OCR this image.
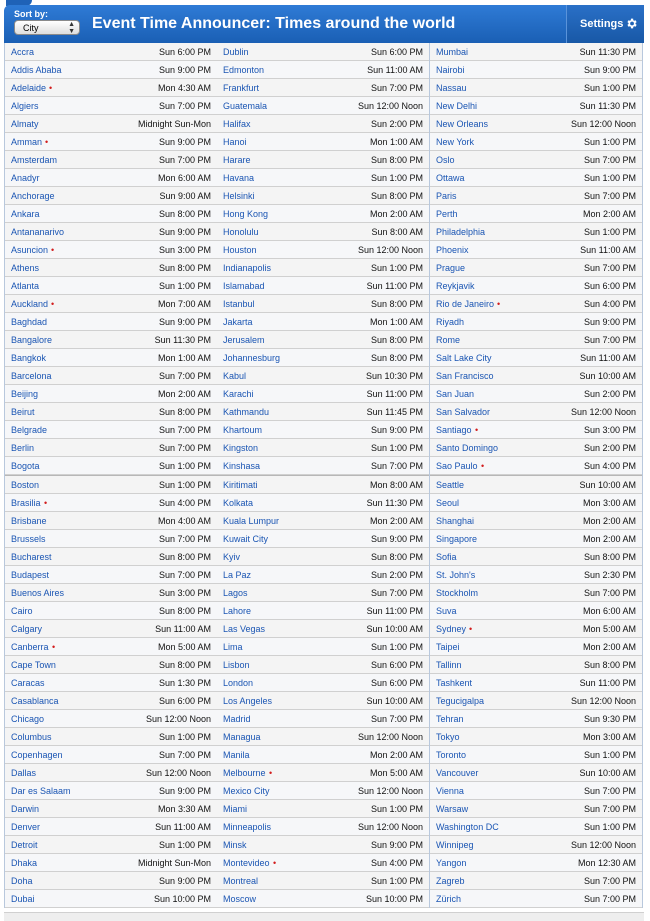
Sort by:
City	▲
▼ Event Time Announcer: Times around the world	Settings
Accra	Sun 6:00 PM
Addis Ababa	Sun 9:00 PM
Adelaide •	Mon 4:30 AM
Algiers	Sun 7:00 PM
Almaty	Midnight Sun-Mon
Amman •	Sun 9:00 PM
Amsterdam	Sun 7:00 PM
Anadyr	Mon 6:00 AM
Anchorage	Sun 9:00 AM
Ankara	Sun 8:00 PM
Antananarivo	Sun 9:00 PM
Asuncion •	Sun 3:00 PM
Athens	Sun 8:00 PM
Atlanta	Sun 1:00 PM
Auckland •	Mon 7:00 AM
Baghdad	Sun 9:00 PM
Bangalore	Sun 11:30 PM
Bangkok	Mon 1:00 AM
Barcelona	Sun 7:00 PM
Beijing	Mon 2:00 AM
Beirut	Sun 8:00 PM
Belgrade	Sun 7:00 PM
Berlin	Sun 7:00 PM
Bogota	Sun 1:00 PM
Boston	Sun 1:00 PM
Brasilia •	Sun 4:00 PM
Brisbane	Mon 4:00 AM
Brussels	Sun 7:00 PM
Bucharest	Sun 8:00 PM
Budapest	Sun 7:00 PM
Buenos Aires	Sun 3:00 PM
Cairo	Sun 8:00 PM
Calgary	Sun 11:00 AM
Canberra •	Mon 5:00 AM
Cape Town	Sun 8:00 PM
Caracas	Sun 1:30 PM
Casablanca	Sun 6:00 PM
Chicago	Sun 12:00 Noon
Columbus	Sun 1:00 PM
Copenhagen	Sun 7:00 PM
Dallas	Sun 12:00 Noon
Dar es Salaam	Sun 9:00 PM
Darwin	Mon 3:30 AM
Denver	Sun 11:00 AM
Detroit	Sun 1:00 PM
Dhaka	Midnight Sun-Mon
Doha	Sun 9:00 PM
Dubai	Sun 10:00 PM
Dublin	Sun 6:00 PM
Edmonton	Sun 11:00 AM
Frankfurt	Sun 7:00 PM
Guatemala	Sun 12:00 Noon
Halifax	Sun 2:00 PM
Hanoi	Mon 1:00 AM
Harare	Sun 8:00 PM
Havana	Sun 1:00 PM
Helsinki	Sun 8:00 PM
Hong Kong	Mon 2:00 AM
Honolulu	Sun 8:00 AM
Houston	Sun 12:00 Noon
Indianapolis	Sun 1:00 PM
Islamabad	Sun 11:00 PM
Istanbul	Sun 8:00 PM
Jakarta	Mon 1:00 AM
Jerusalem	Sun 8:00 PM
Johannesburg	Sun 8:00 PM
Kabul	Sun 10:30 PM
Karachi	Sun 11:00 PM
Kathmandu	Sun 11:45 PM
Khartoum	Sun 9:00 PM
Kingston	Sun 1:00 PM
Kinshasa	Sun 7:00 PM
Kiritimati	Mon 8:00 AM
Kolkata	Sun 11:30 PM
Kuala Lumpur	Mon 2:00 AM
Kuwait City	Sun 9:00 PM
Kyiv	Sun 8:00 PM
La Paz	Sun 2:00 PM
Lagos	Sun 7:00 PM
Lahore	Sun 11:00 PM
Las Vegas	Sun 10:00 AM
Lima	Sun 1:00 PM
Lisbon	Sun 6:00 PM
London	Sun 6:00 PM
Los Angeles	Sun 10:00 AM
Madrid	Sun 7:00 PM
Managua	Sun 12:00 Noon
Manila	Mon 2:00 AM
Melbourne •	Mon 5:00 AM
Mexico City	Sun 12:00 Noon
Miami	Sun 1:00 PM
Minneapolis	Sun 12:00 Noon
Minsk	Sun 9:00 PM
Montevideo •	Sun 4:00 PM
Montreal	Sun 1:00 PM
Moscow	Sun 10:00 PM
Mumbai	Sun 11:30 PM
Nairobi	Sun 9:00 PM
Nassau	Sun 1:00 PM
New Delhi	Sun 11:30 PM
New Orleans	Sun 12:00 Noon
New York	Sun 1:00 PM
Oslo	Sun 7:00 PM
Ottawa	Sun 1:00 PM
Paris	Sun 7:00 PM
Perth	Mon 2:00 AM
Philadelphia	Sun 1:00 PM
Phoenix	Sun 11:00 AM
Prague	Sun 7:00 PM
Reykjavik	Sun 6:00 PM
Rio de Janeiro •	Sun 4:00 PM
Riyadh	Sun 9:00 PM
Rome	Sun 7:00 PM
Salt Lake City	Sun 11:00 AM
San Francisco	Sun 10:00 AM
San Juan	Sun 2:00 PM
San Salvador	Sun 12:00 Noon
Santiago •	Sun 3:00 PM
Santo Domingo	Sun 2:00 PM
Sao Paulo •	Sun 4:00 PM
Seattle	Sun 10:00 AM
Seoul	Mon 3:00 AM
Shanghai	Mon 2:00 AM
Singapore	Mon 2:00 AM
Sofia	Sun 8:00 PM
St. John's	Sun 2:30 PM
Stockholm	Sun 7:00 PM
Suva	Mon 6:00 AM
Sydney •	Mon 5:00 AM
Taipei	Mon 2:00 AM
Tallinn	Sun 8:00 PM
Tashkent	Sun 11:00 PM
Tegucigalpa	Sun 12:00 Noon
Tehran	Sun 9:30 PM
Tokyo	Mon 3:00 AM
Toronto	Sun 1:00 PM
Vancouver	Sun 10:00 AM
Vienna	Sun 7:00 PM
Warsaw	Sun 7:00 PM
Washington DC	Sun 1:00 PM
Winnipeg	Sun 12:00 Noon
Yangon	Mon 12:30 AM
Zagreb	Sun 7:00 PM
Zürich	Sun 7:00 PM
